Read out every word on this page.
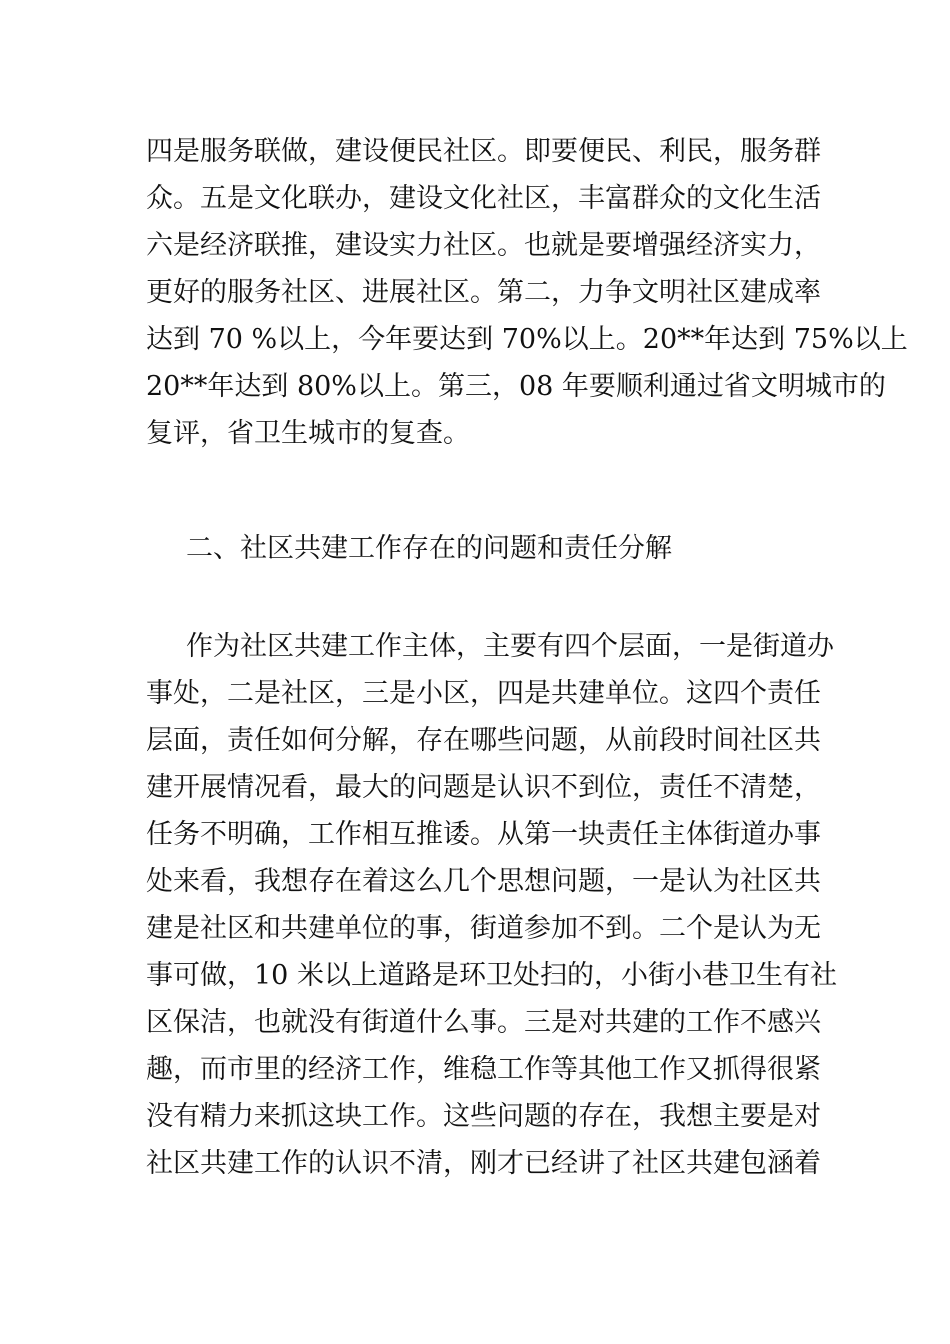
四是服务联做，建设便民社区。即要便民、利民，服务群
众。五是文化联办，建设文化社区，丰富群众的文化生活
六是经济联推，建设实力社区。也就是要增强经济实力，
更好的服务社区、进展社区。第二，力争文明社区建成率
达到 70 %以上，今年要达到 70%以上。20**年达到 75%以上
20**年达到 80%以上。第三，08 年要顺利通过省文明城市的
复评，省卫生城市的复查。
二、社区共建工作存在的问题和责任分解
作为社区共建工作主体，主要有四个层面，一是街道办
事处，二是社区，三是小区，四是共建单位。这四个责任
层面，责任如何分解，存在哪些问题，从前段时间社区共
建开展情况看，最大的问题是认识不到位，责任不清楚，
任务不明确，工作相互推诿。从第一块责任主体街道办事
处来看，我想存在着这么几个思想问题，一是认为社区共
建是社区和共建单位的事，街道参加不到。二个是认为无
事可做，10 米以上道路是环卫处扫的，小街小巷卫生有社
区保洁，也就没有街道什么事。三是对共建的工作不感兴
趣，而市里的经济工作，维稳工作等其他工作又抓得很紧
没有精力来抓这块工作。这些问题的存在，我想主要是对
社区共建工作的认识不清，刚才已经讲了社区共建包涵着
